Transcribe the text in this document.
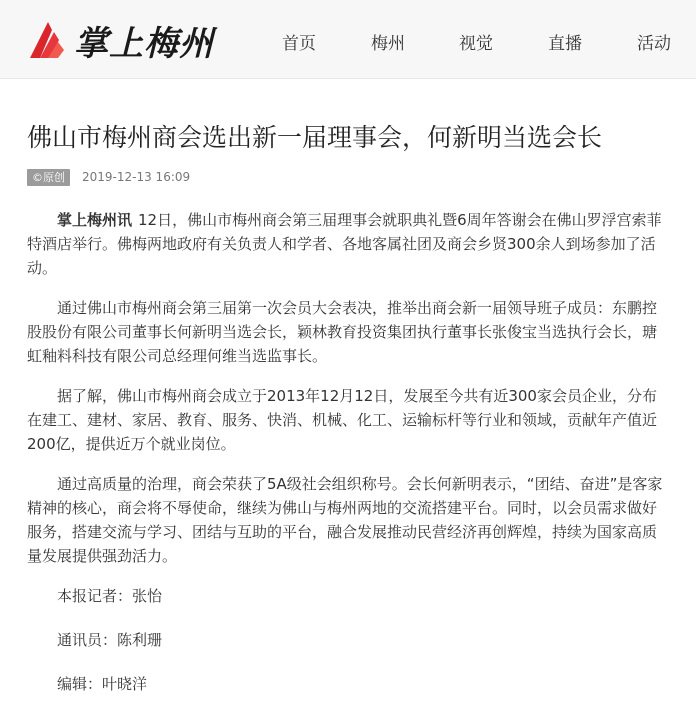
掌上梅州	首页	梅州	视觉	直播	活动
佛山市梅州商会选出新一届理事会，何新明当选会长
©原创	2019-12-13 16:09

掌上梅州讯 12日，佛山市梅州商会第三届理事会就职典礼暨6周年答谢会在佛山罗浮宫索菲特酒店举行。佛梅两地政府有关负责人和学者、各地客属社团及商会乡贤300余人到场参加了活动。

通过佛山市梅州商会第三届第一次会员大会表决，推举出商会新一届领导班子成员：东鹏控股股份有限公司董事长何新明当选会长，颖林教育投资集团执行董事长张俊宝当选执行会长，瑭虹釉料科技有限公司总经理何维当选监事长。

据了解，佛山市梅州商会成立于2013年12月12日，发展至今共有近300家会员企业，分布在建工、建材、家居、教育、服务、快消、机械、化工、运输标杆等行业和领域，贡献年产值近200亿，提供近万个就业岗位。

通过高质量的治理，商会荣获了5A级社会组织称号。会长何新明表示，“团结、奋进”是客家精神的核心，商会将不辱使命，继续为佛山与梅州两地的交流搭建平台。同时，以会员需求做好服务，搭建交流与学习、团结与互助的平台，融合发展推动民营经济再创辉煌，持续为国家高质量发展提供强劲活力。

本报记者：张怡

通讯员：陈利珊

编辑：叶晓洋
